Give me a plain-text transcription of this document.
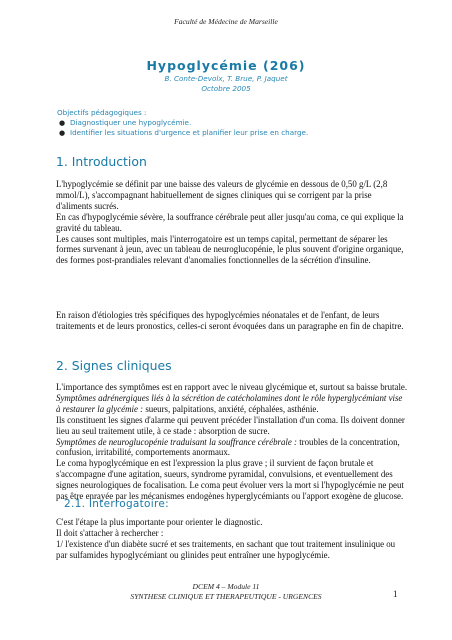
Faculté de Médecine de Marseille
Hypoglycémie (206)
B. Conte-Devolx, T. Brue, P. Jaquet
Octobre 2005
Objectifs pédagogiques :
● Diagnostiquer une hypoglycémie.
● Identifier les situations d'urgence et planifier leur prise en charge.
1. Introduction

L'hypoglycémie se définit par une baisse des valeurs de glycémie en dessous de 0,50 g/L (2,8 mmol/L), s'accompagnant habituellement de signes cliniques qui se corrigent par la prise d'aliments sucrés.

En cas d'hypoglycémie sévère, la souffrance cérébrale peut aller jusqu'au coma, ce qui explique la gravité du tableau.

Les causes sont multiples, mais l'interrogatoire est un temps capital, permettant de séparer les formes survenant à jeun, avec un tableau de neuroglucopénie, le plus souvent d'origine organique, des formes post-prandiales relevant d'anomalies fonctionnelles de la sécrétion d'insuline.

En raison d'étiologies très spécifiques des hypoglycémies néonatales et de l'enfant, de leurs traitements et de leurs pronostics, celles-ci seront évoquées dans un paragraphe en fin de chapitre.

2. Signes cliniques

L'importance des symptômes est en rapport avec le niveau glycémique et, surtout sa baisse brutale.

Symptômes adrénergiques liés à la sécrétion de catécholamines dont le rôle hyperglycémiant vise à restaurer la glycémie : sueurs, palpitations, anxiété, céphalées, asthénie.

Ils constituent les signes d'alarme qui peuvent précéder l'installation d'un coma. Ils doivent donner lieu au seul traitement utile, à ce stade : absorption de sucre.

Symptômes de neuroglucopénie traduisant la souffrance cérébrale : troubles de la concentration, confusion, irritabilité, comportements anormaux.

Le coma hypoglycémique en est l'expression la plus grave ; il survient de façon brutale et s'accompagne d'une agitation, sueurs, syndrome pyramidal, convulsions, et eventuellement des signes neurologiques de focalisation. Le coma peut évoluer vers la mort si l'hypoglycémie ne peut pas être enrayée par les mécanismes endogènes hyperglycémiants ou l'apport exogène de glucose.

2.1. Interrogatoire:

C'est l'étape la plus importante pour orienter le diagnostic.

Il doit s'attacher à rechercher :

1/ l'existence d'un diabète sucré et ses traitements, en sachant que tout traitement insulinique ou par sulfamides hypoglycémiant ou glinides peut entraîner une hypoglycémie.

DCEM 4 – Module 11
SYNTHESE CLINIQUE ET THERAPEUTIQUE - URGENCES	1
